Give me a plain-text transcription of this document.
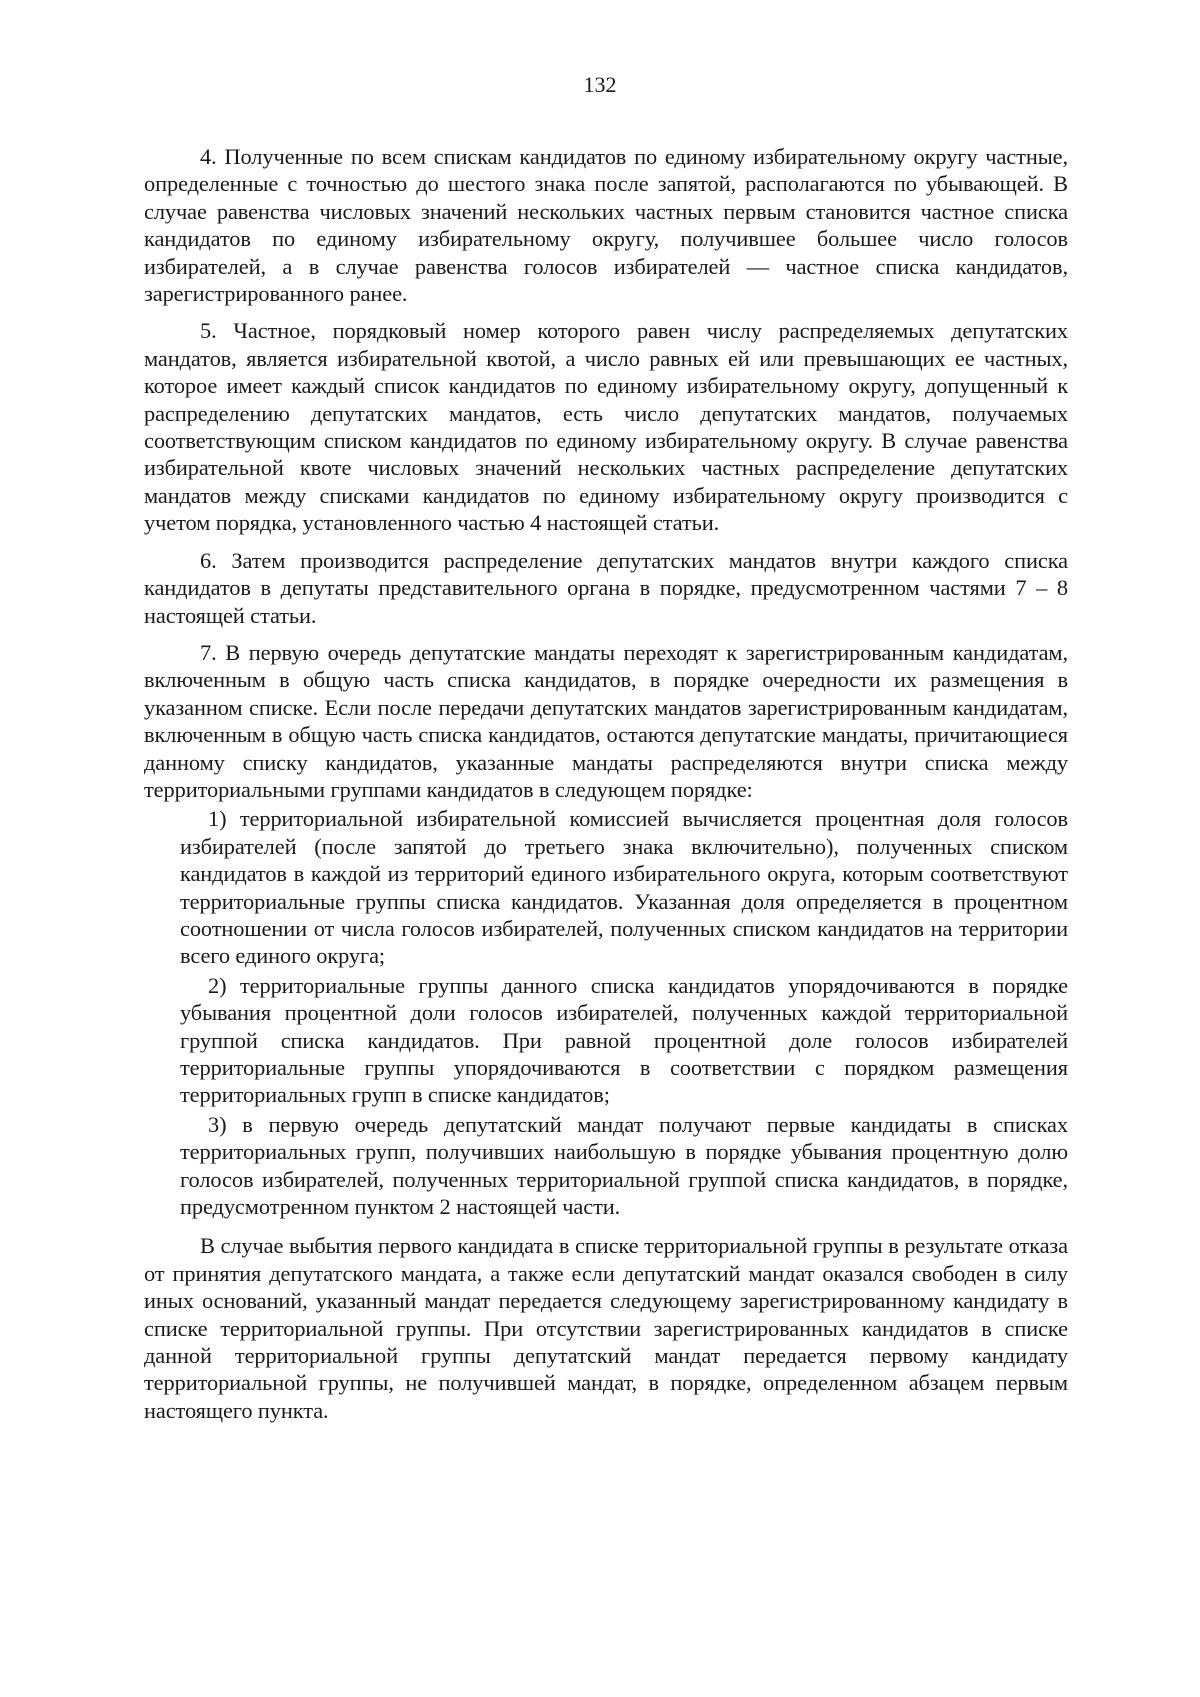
132

4. Полученные по всем спискам кандидатов по единому избирательному округу частные, определенные с точностью до шестого знака после запятой, располагаются по убывающей. В случае равенства числовых значений нескольких частных первым становится частное списка кандидатов по единому избирательному округу, получившее большее число голосов избирателей, а в случае равенства голосов избирателей — частное списка кандидатов, зарегистрированного ранее.

5. Частное, порядковый номер которого равен числу распределяемых депутатских мандатов, является избирательной квотой, а число равных ей или превышающих ее частных, которое имеет каждый список кандидатов по единому избирательному округу, допущенный к распределению депутатских мандатов, есть число депутатских мандатов, получаемых соответствующим списком кандидатов по единому избирательному округу. В случае равенства избирательной квоте числовых значений нескольких частных распределение депутатских мандатов между списками кандидатов по единому избирательному округу производится с учетом порядка, установленного частью 4 настоящей статьи.

6. Затем производится распределение депутатских мандатов внутри каждого списка кандидатов в депутаты представительного органа в порядке, предусмотренном частями 7 – 8 настоящей статьи.

7. В первую очередь депутатские мандаты переходят к зарегистрированным кандидатам, включенным в общую часть списка кандидатов, в порядке очередности их размещения в указанном списке. Если после передачи депутатских мандатов зарегистрированным кандидатам, включенным в общую часть списка кандидатов, остаются депутатские мандаты, причитающиеся данному списку кандидатов, указанные мандаты распределяются внутри списка между территориальными группами кандидатов в следующем порядке:

1) территориальной избирательной комиссией вычисляется процентная доля голосов избирателей (после запятой до третьего знака включительно), полученных списком кандидатов в каждой из территорий единого избирательного округа, которым соответствуют территориальные группы списка кандидатов. Указанная доля определяется в процентном соотношении от числа голосов избирателей, полученных списком кандидатов на территории всего единого округа;

2) территориальные группы данного списка кандидатов упорядочиваются в порядке убывания процентной доли голосов избирателей, полученных каждой территориальной группой списка кандидатов. При равной процентной доле голосов избирателей территориальные группы упорядочиваются в соответствии с порядком размещения территориальных групп в списке кандидатов;

3) в первую очередь депутатский мандат получают первые кандидаты в списках территориальных групп, получивших наибольшую в порядке убывания процентную долю голосов избирателей, полученных территориальной группой списка кандидатов, в порядке, предусмотренном пунктом 2 настоящей части.

В случае выбытия первого кандидата в списке территориальной группы в результате отказа от принятия депутатского мандата, а также если депутатский мандат оказался свободен в силу иных оснований, указанный мандат передается следующему зарегистрированному кандидату в списке территориальной группы. При отсутствии зарегистрированных кандидатов в списке данной территориальной группы депутатский мандат передается первому кандидату территориальной группы, не получившей мандат, в порядке, определенном абзацем первым настоящего пункта.
